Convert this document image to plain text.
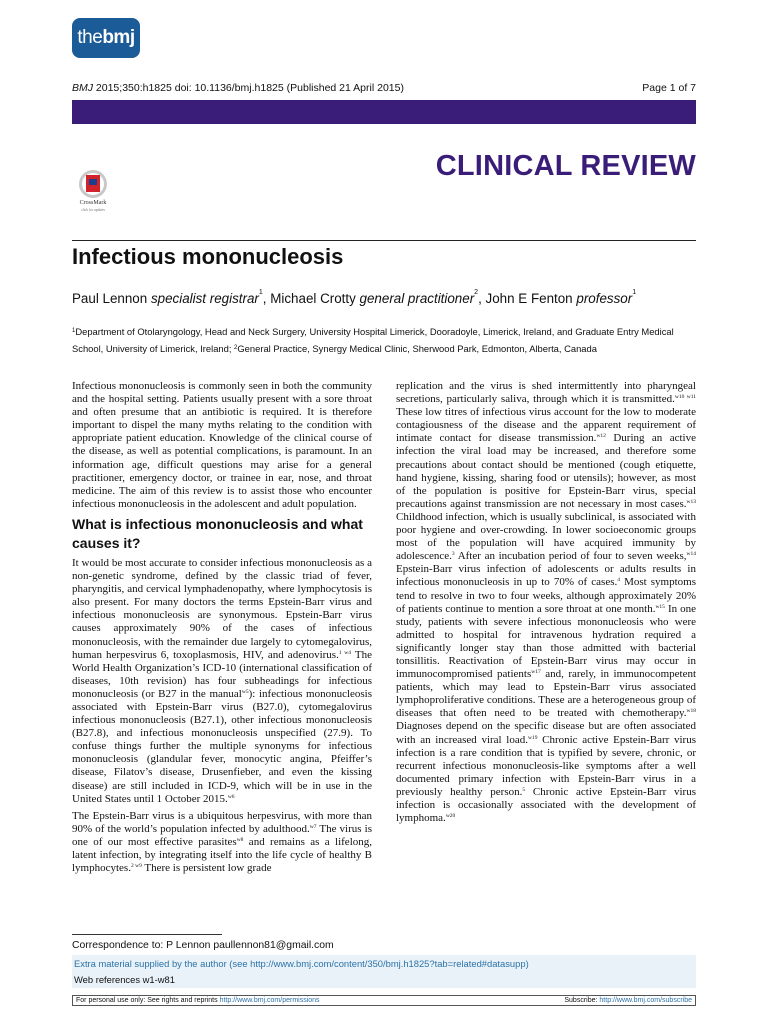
the bmj
BMJ 2015;350:h1825 doi: 10.1136/bmj.h1825 (Published 21 April 2015)	Page 1 of 7
CLINICAL REVIEW
CrossMark
click for updates
Infectious mononucleosis
Paul Lennon specialist registrar$^1$, Michael Crotty general practitioner$^2$, John E Fenton professor$^1$
$^1$Department of Otolaryngology, Head and Neck Surgery, University Hospital Limerick, Dooradoyle, Limerick, Ireland, and Graduate Entry Medical School, University of Limerick, Ireland; $^2$General Practice, Synergy Medical Clinic, Sherwood Park, Edmonton, Alberta, Canada

Infectious mononucleosis is commonly seen in both the community and the hospital setting. Patients usually present with a sore throat and often presume that an antibiotic is required. It is therefore important to dispel the many myths relating to the condition with appropriate patient education. Knowledge of the clinical course of the disease, as well as potential complications, is paramount. In an information age, difficult questions may arise for a general practitioner, emergency doctor, or trainee in ear, nose, and throat medicine. The aim of this review is to assist those who encounter infectious mononucleosis in the adolescent and adult population.

What is infectious mononucleosis and what causes it?

It would be most accurate to consider infectious mononucleosis as a non-genetic syndrome, defined by the classic triad of fever, pharyngitis, and cervical lymphadenopathy, where lymphocytosis is also present. For many doctors the terms Epstein-Barr virus and infectious mononucleosis are synonymous. Epstein-Barr virus causes approximately 90% of the cases of infectious mononucleosis, with the remainder due largely to cytomegalovirus, human herpesvirus 6, toxoplasmosis, HIV, and adenovirus.$^{1 w4}$ The World Health Organization’s ICD-10 (international classification of diseases, 10th revision) has four subheadings for infectious mononucleosis (or B27 in the manual$^{w5}$): infectious mononucleosis associated with Epstein-Barr virus (B27.0), cytomegalovirus infectious mononucleosis (B27.1), other infectious mononucleosis (B27.8), and infectious mononucleosis unspecified (27.9). To confuse things further the multiple synonyms for infectious mononucleosis (glandular fever, monocytic angina, Pfeiffer’s disease, Filatov’s disease, Drusenfieber, and even the kissing disease) are still included in ICD-9, which will be in use in the United States until 1 October 2015.$^{w6}$

The Epstein-Barr virus is a ubiquitous herpesvirus, with more than 90% of the world’s population infected by adulthood.$^{w7}$ The virus is one of our most effective parasites$^{w8}$ and remains as a lifelong, latent infection, by integrating itself into the life cycle of healthy B lymphocytes.$^{2 w9}$ There is persistent low grade

replication and the virus is shed intermittently into pharyngeal secretions, particularly saliva, through which it is transmitted.$^{w10 w11}$ These low titres of infectious virus account for the low to moderate contagiousness of the disease and the apparent requirement of intimate contact for disease transmission.$^{w12}$ During an active infection the viral load may be increased, and therefore some precautions about contact should be mentioned (cough etiquette, hand hygiene, kissing, sharing food or utensils); however, as most of the population is positive for Epstein-Barr virus, special precautions against transmission are not necessary in most cases.$^{w13}$ Childhood infection, which is usually subclinical, is associated with poor hygiene and over-crowding. In lower socioeconomic groups most of the population will have acquired immunity by adolescence.$^3$ After an incubation period of four to seven weeks,$^{w14}$ Epstein-Barr virus infection of adolescents or adults results in infectious mononucleosis in up to 70% of cases.$^4$ Most symptoms tend to resolve in two to four weeks, although approximately 20% of patients continue to mention a sore throat at one month.$^{w15}$ In one study, patients with severe infectious mononucleosis who were admitted to hospital for intravenous hydration required a significantly longer stay than those admitted with bacterial tonsillitis. Reactivation of Epstein-Barr virus may occur in immunocompromised patients$^{w17}$ and, rarely, in immunocompetent patients, which may lead to Epstein-Barr virus associated lymphoproliferative conditions. These are a heterogeneous group of diseases that often need to be treated with chemotherapy.$^{w18}$ Diagnoses depend on the specific disease but are often associated with an increased viral load.$^{w19}$ Chronic active Epstein-Barr virus infection is a rare condition that is typified by severe, chronic, or recurrent infectious mononucleosis-like symptoms after a well documented primary infection with Epstein-Barr virus in a previously healthy person.$^5$ Chronic active Epstein-Barr virus infection is occasionally associated with the development of lymphoma.$^{w20}$

Correspondence to: P Lennon paullennon81@gmail.com
Extra material supplied by the author (see http://www.bmj.com/content/350/bmj.h1825?tab=related#datasupp)
Web references w1-w81
For personal use only: See rights and reprints http://www.bmj.com/permissions	Subscribe: http://www.bmj.com/subscribe
